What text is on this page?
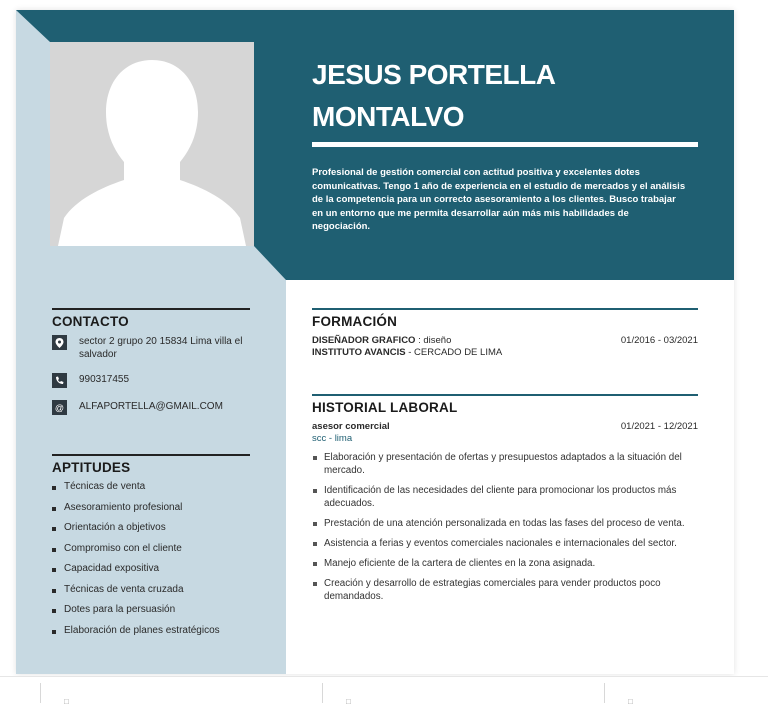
JESUS PORTELLA
MONTALVO

Profesional de gestión comercial con actitud positiva y excelentes dotes comunicativas. Tengo 1 año de experiencia en el estudio de mercados y el análisis de la competencia para un correcto asesoramiento a los clientes. Busco trabajar en un entorno que me permita desarrollar aún más mis habilidades de negociación.

CONTACTO
sector 2 grupo 20 15834 Lima villa el salvador
990317455
@ ALFAPORTELLA@GMAIL.COM
APTITUDES
Técnicas de venta
Asesoramiento profesional
Orientación a objetivos
Compromiso con el cliente
Capacidad expositiva
Técnicas de venta cruzada
Dotes para la persuasión
Elaboración de planes estratégicos
FORMACIÓN
DISEÑADOR GRAFICO : diseño	01/2016 - 03/2021
INSTITUTO AVANCIS - CERCADO DE LIMA
HISTORIAL LABORAL
asesor comercial	01/2021 - 12/2021
scc - lima
Elaboración y presentación de ofertas y presupuestos adaptados a la situación del mercado.
Identificación de las necesidades del cliente para promocionar los productos más adecuados.
Prestación de una atención personalizada en todas las fases del proceso de venta.
Asistencia a ferias y eventos comerciales nacionales e internacionales del sector.
Manejo eficiente de la cartera de clientes en la zona asignada.
Creación y desarrollo de estrategias comerciales para vender productos poco demandados.
□	□	□
